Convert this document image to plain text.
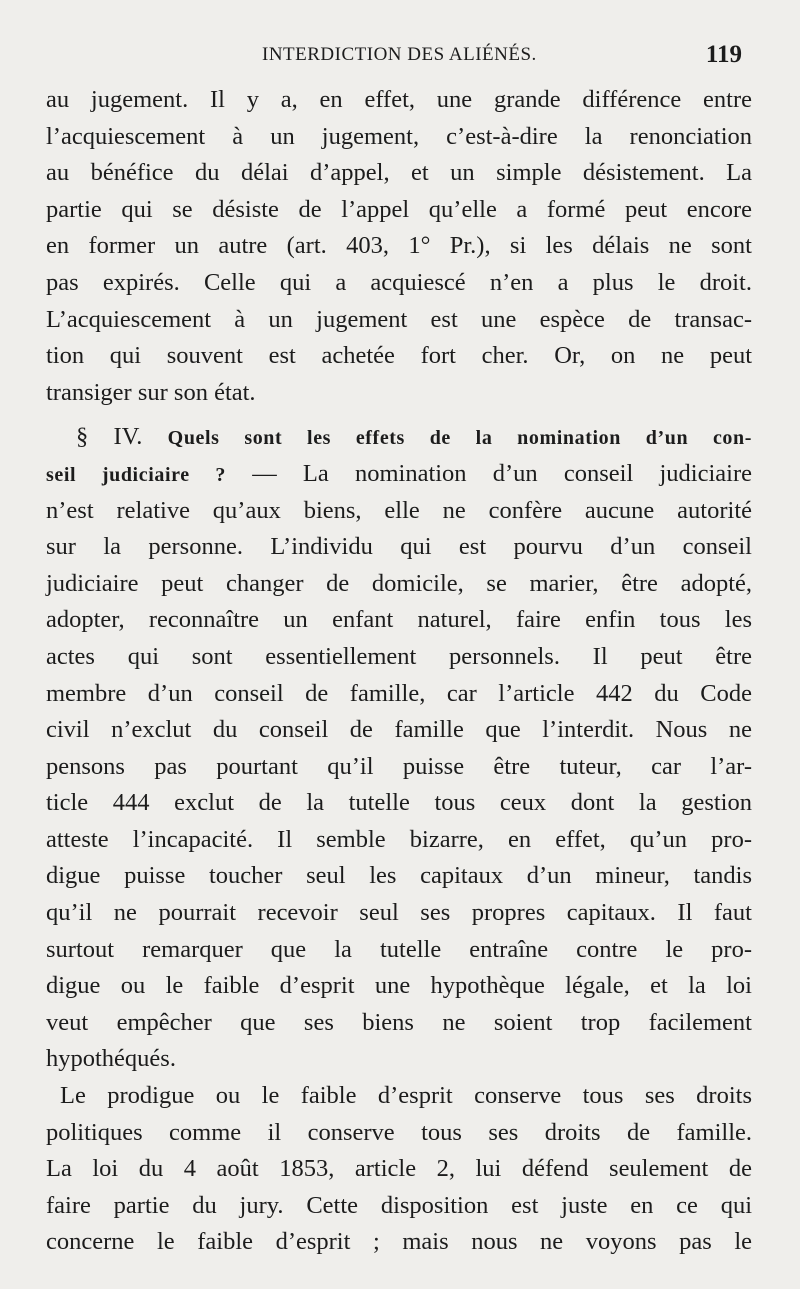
INTERDICTION DES ALIÉNÉS.	119
au jugement. Il y a, en effet, une grande différence entre
l’acquiescement à un jugement, c’est-à-dire la renonciation
au bénéfice du délai d’appel, et un simple désistement. La
partie qui se désiste de l’appel qu’elle a formé peut encore
en former un autre (art. 403, 1° Pr.), si les délais ne sont
pas expirés. Celle qui a acquiescé n’en a plus le droit.
L’acquiescement à un jugement est une espèce de transac-
tion qui souvent est achetée fort cher. Or, on ne peut
transiger sur son état.
§ IV. Quels sont les effets de la nomination d’un con-
seil judiciaire ? — La nomination d’un conseil judiciaire
n’est relative qu’aux biens, elle ne confère aucune autorité
sur la personne. L’individu qui est pourvu d’un conseil
judiciaire peut changer de domicile, se marier, être adopté,
adopter, reconnaître un enfant naturel, faire enfin tous les
actes qui sont essentiellement personnels. Il peut être
membre d’un conseil de famille, car l’article 442 du Code
civil n’exclut du conseil de famille que l’interdit. Nous ne
pensons pas pourtant qu’il puisse être tuteur, car l’ar-
ticle 444 exclut de la tutelle tous ceux dont la gestion
atteste l’incapacité. Il semble bizarre, en effet, qu’un pro-
digue puisse toucher seul les capitaux d’un mineur, tandis
qu’il ne pourrait recevoir seul ses propres capitaux. Il faut
surtout remarquer que la tutelle entraîne contre le pro-
digue ou le faible d’esprit une hypothèque légale, et la loi
veut empêcher que ses biens ne soient trop facilement
hypothéqués.
Le prodigue ou le faible d’esprit conserve tous ses droits
politiques comme il conserve tous ses droits de famille.
La loi du 4 août 1853, article 2, lui défend seulement de
faire partie du jury. Cette disposition est juste en ce qui
concerne le faible d’esprit ; mais nous ne voyons pas le
